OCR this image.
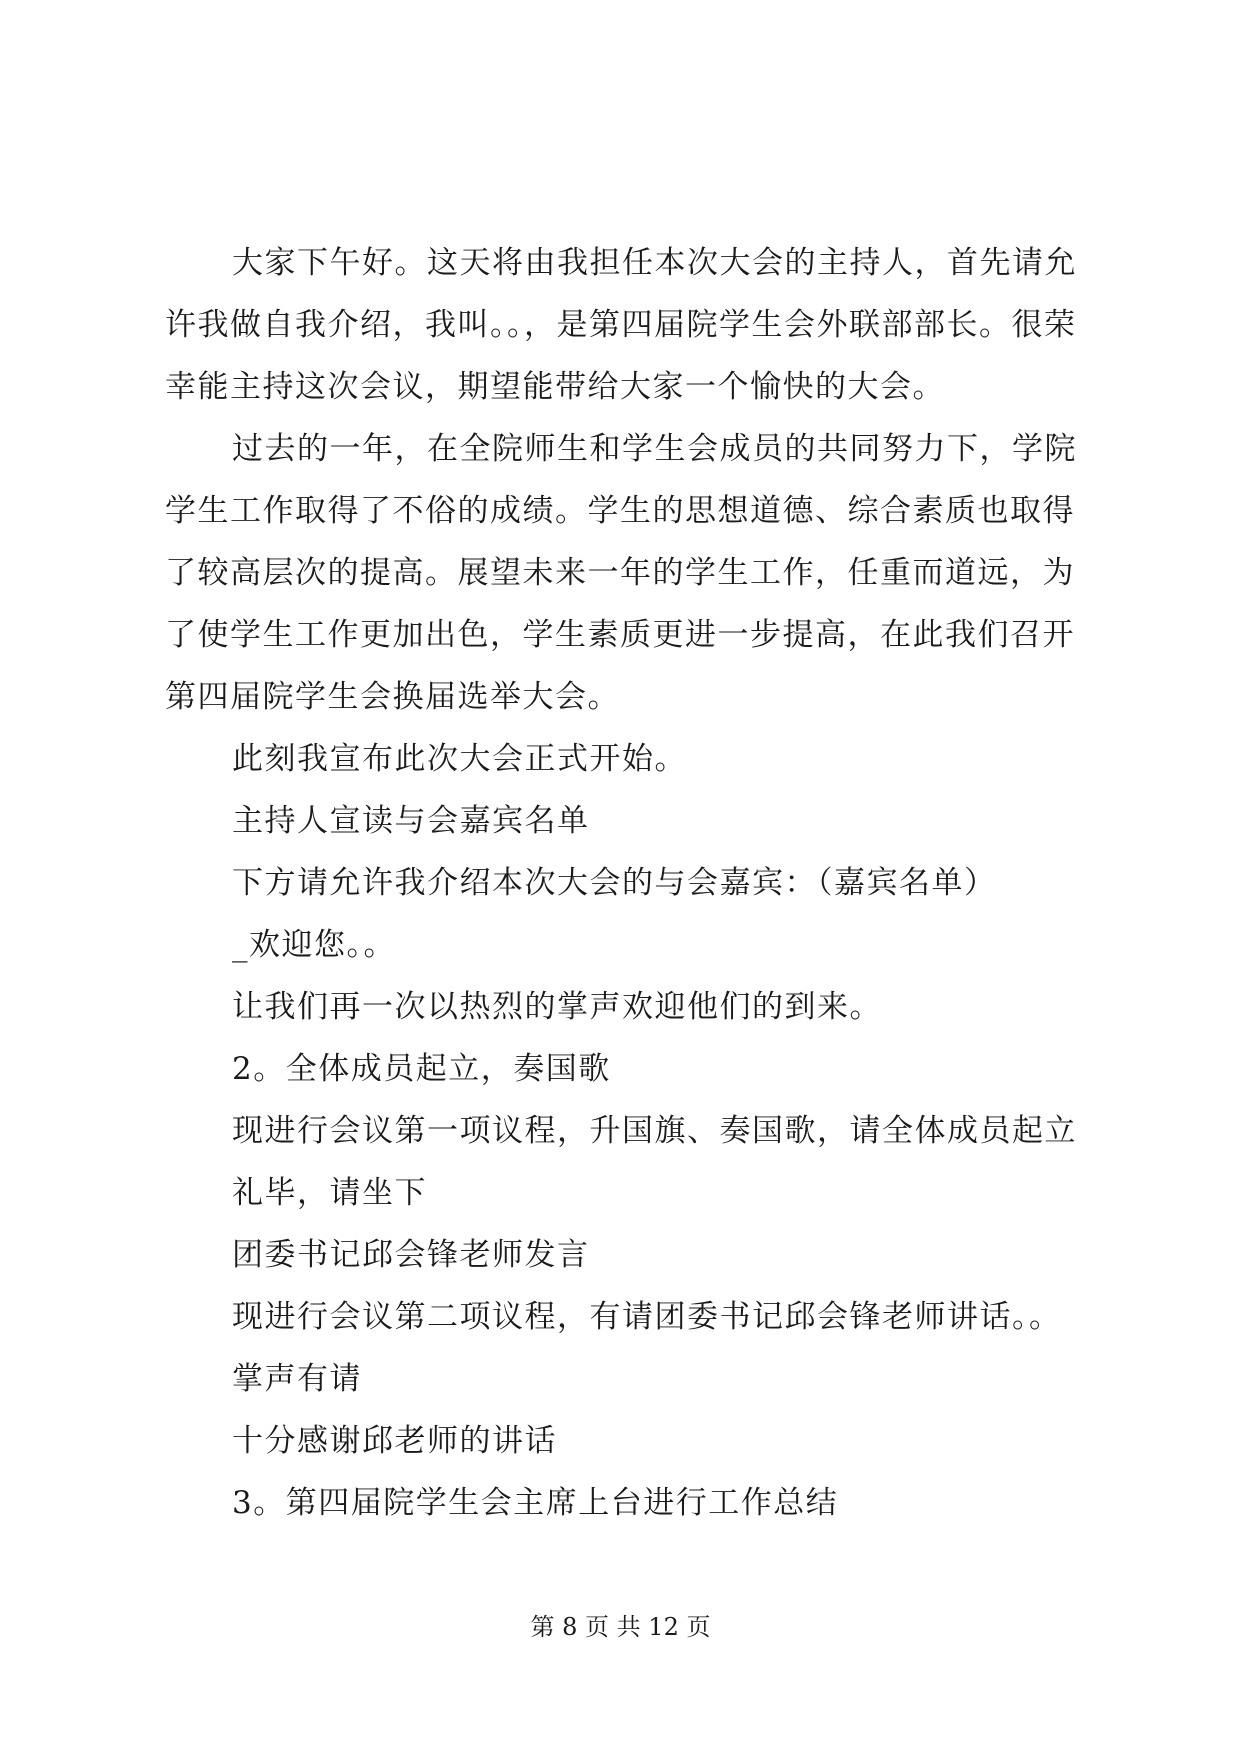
大家下午好。这天将由我担任本次大会的主持人，首先请允
许我做自我介绍，我叫。。，是第四届院学生会外联部部长。很荣
幸能主持这次会议，期望能带给大家一个愉快的大会。
过去的一年，在全院师生和学生会成员的共同努力下，学院
学生工作取得了不俗的成绩。学生的思想道德、综合素质也取得
了较高层次的提高。展望未来一年的学生工作，任重而道远，为
了使学生工作更加出色，学生素质更进一步提高，在此我们召开
第四届院学生会换届选举大会。
此刻我宣布此次大会正式开始。
主持人宣读与会嘉宾名单
下方请允许我介绍本次大会的与会嘉宾：（嘉宾名单）
_欢迎您。。
让我们再一次以热烈的掌声欢迎他们的到来。
2。全体成员起立，奏国歌
现进行会议第一项议程，升国旗、奏国歌，请全体成员起立
礼毕，请坐下
团委书记邱会锋老师发言
现进行会议第二项议程，有请团委书记邱会锋老师讲话。。
掌声有请
十分感谢邱老师的讲话
3。第四届院学生会主席上台进行工作总结
第 8 页 共 12 页
